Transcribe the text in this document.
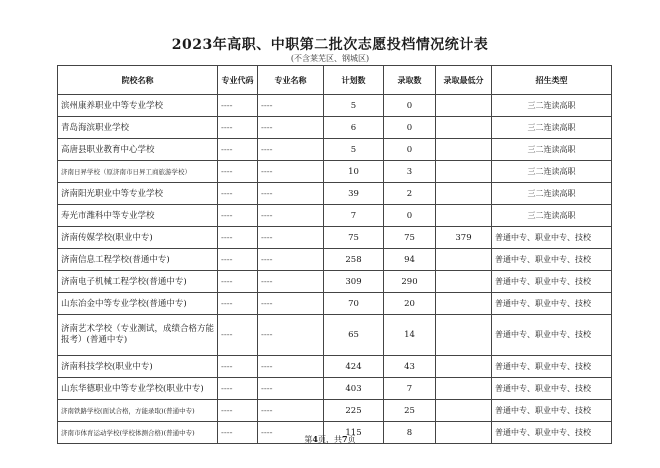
2023年高职、中职第二批次志愿投档情况统计表
(不含莱芜区、钢城区)
院校名称	专业代码	专业名称	计划数	录取数	录取最低分	招生类型
滨州康养职业中等专业学校	----	----	5	0		三二连读高职
青岛海滨职业学校	----	----	6	0		三二连读高职
高唐县职业教育中心学校	----	----	5	0		三二连读高职
济南日昇学校（原济南市日昇工商旅游学校）	----	----	10	3		三二连读高职
济南阳光职业中等专业学校	----	----	39	2		三二连读高职
寿光市潍科中等专业学校	----	----	7	0		三二连读高职
济南传媒学校(职业中专)	----	----	75	75	379	普通中专、职业中专、技校
济南信息工程学校(普通中专)	----	----	258	94		普通中专、职业中专、技校
济南电子机械工程学校(普通中专)	----	----	309	290		普通中专、职业中专、技校
山东冶金中等专业学校(普通中专)	----	----	70	20		普通中专、职业中专、技校
济南艺术学校（专业测试，成绩合格方能报考）(普通中专)	----	----	65	14		普通中专、职业中专、技校
济南科技学校(职业中专)	----	----	424	43		普通中专、职业中专、技校
山东华德职业中等专业学校(职业中专)	----	----	403	7		普通中专、职业中专、技校
济南铁路学校(面试合格，方能录取)(普通中专)	----	----	225	25		普通中专、职业中专、技校
济南市体育运动学校(学校体测合格)(普通中专)	----	----	115	8		普通中专、职业中专、技校
第4页，共7页
